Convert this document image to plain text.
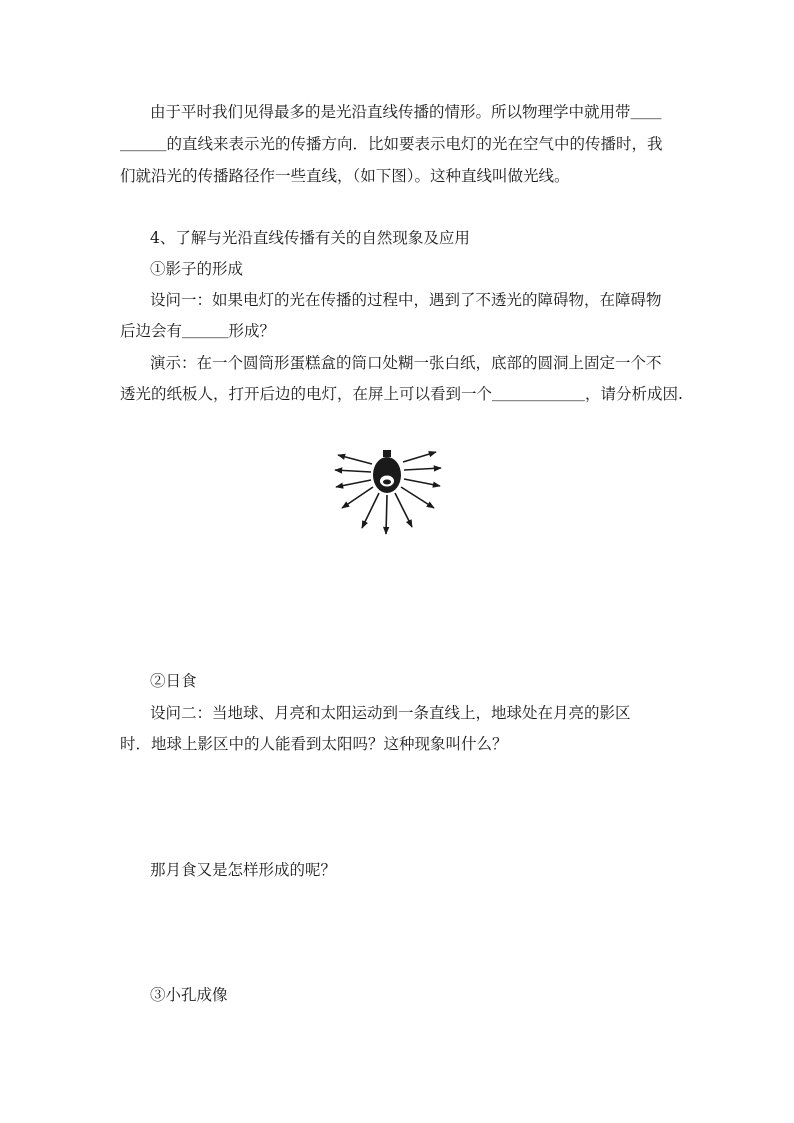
由于平时我们见得最多的是光沿直线传播的情形。所以物理学中就用带＿＿
＿＿＿的直线来表示光的传播方向．比如要表示电灯的光在空气中的传播时，我
们就沿光的传播路径作一些直线，（如下图）。这种直线叫做光线。
4、了解与光沿直线传播有关的自然现象及应用
①影子的形成
设问一：如果电灯的光在传播的过程中，遇到了不透光的障碍物，在障碍物
后边会有＿＿＿形成？
演示：在一个圆筒形蛋糕盒的筒口处糊一张白纸，底部的圆洞上固定一个不
透光的纸板人，打开后边的电灯，在屏上可以看到一个＿＿＿＿＿＿，请分析成因.
②日食
设问二：当地球、月亮和太阳运动到一条直线上，地球处在月亮的影区
时．地球上影区中的人能看到太阳吗？这种现象叫什么？
那月食又是怎样形成的呢？
③小孔成像
